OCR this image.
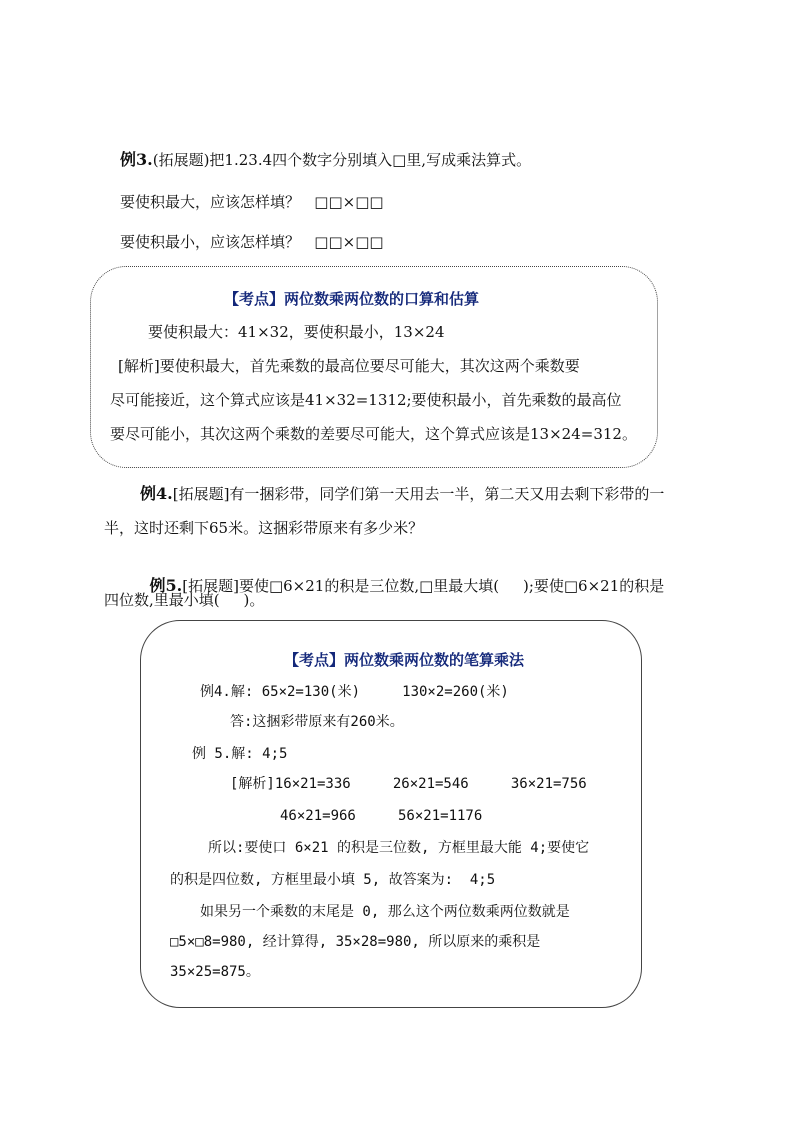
例3.(拓展题)把1.23.4四个数字分别填入□里,写成乘法算式。
要使积最大，应该怎样填？   □□×□□
要使积最小，应该怎样填？   □□×□□
【考点】两位数乘两位数的口算和估算
要使积最大：41×32，要使积最小，13×24
[解析]要使积最大，首先乘数的最高位要尽可能大，其次这两个乘数要
尽可能接近，这个算式应该是41×32=1312;要使积最小，首先乘数的最高位
要尽可能小，其次这两个乘数的差要尽可能大，这个算式应该是13×24=312。
例4.[拓展题]有一捆彩带，同学们第一天用去一半，第二天又用去剩下彩带的一
半，这时还剩下65米。这捆彩带原来有多少米？

例5.[拓展题]要使□6×21的积是三位数,□里最大填(     );要使□6×21的积是

四位数,里最小填(     )。
【考点】两位数乘两位数的笔算乘法
例4.解: 65×2=130(米)     130×2=260(米)
答:这捆彩带原来有260米。
例 5.解: 4;5
[解析]16×21=336     26×21=546     36×21=756
46×21=966     56×21=1176
所以:要使口 6×21 的积是三位数, 方框里最大能 4;要使它
的积是四位数, 方框里最小填 5, 故答案为:  4;5
如果另一个乘数的末尾是 0, 那么这个两位数乘两位数就是
□5×□8=980, 经计算得, 35×28=980, 所以原来的乘积是
35×25=875。
